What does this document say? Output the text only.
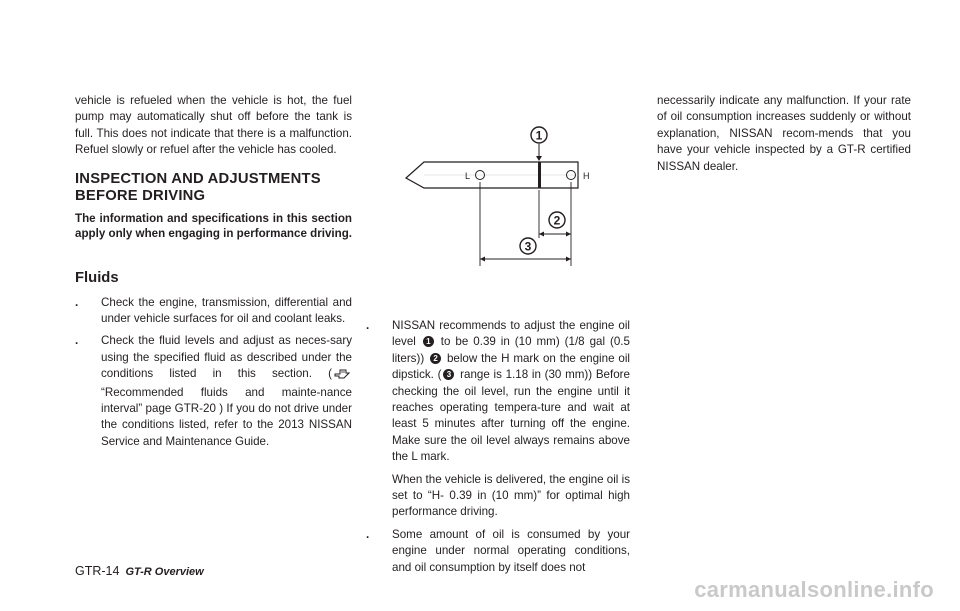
vehicle is refueled when the vehicle is hot, the fuel pump may automatically shut off before the tank is full. This does not indicate that there is a malfunction. Refuel slowly or refuel after the vehicle has cooled.

INSPECTION AND ADJUSTMENTS
BEFORE DRIVING

The information and specifications in this section apply only when engaging in performance driving.

Fluids
. Check the engine, transmission, differential and under vehicle surfaces for oil and coolant leaks.
. Check the fluid levels and adjust as neces-sary using the specified fluid as described under the conditions listed in this section. (“Recommended fluids and mainte-nance interval” page GTR-20 ) If you do not drive under the conditions listed, refer to the 2013 NISSAN Service and Maintenance Guide.
L	H
1
2
3
. NISSAN recommends to adjust the engine oil level 1 to be 0.39 in (10 mm) (1/8 gal (0.5 liters)) 2 below the H mark on the engine oil dipstick. ( 3 range is 1.18 in (30 mm)) Before checking the oil level, run the engine until it reaches operating tempera-ture and wait at least 5 minutes after turning off the engine. Make sure the oil level always remains above the L mark.

When the vehicle is delivered, the engine oil is set to “H- 0.39 in (10 mm)” for optimal high performance driving.

. Some amount of oil is consumed by your engine under normal operating conditions, and oil consumption by itself does not

necessarily indicate any malfunction. If your rate of oil consumption increases suddenly or without explanation, NISSAN recom-mends that you have your vehicle inspected by a GT-R certified NISSAN dealer.

GTR-14 GT-R Overview
carmanualsonline.info
